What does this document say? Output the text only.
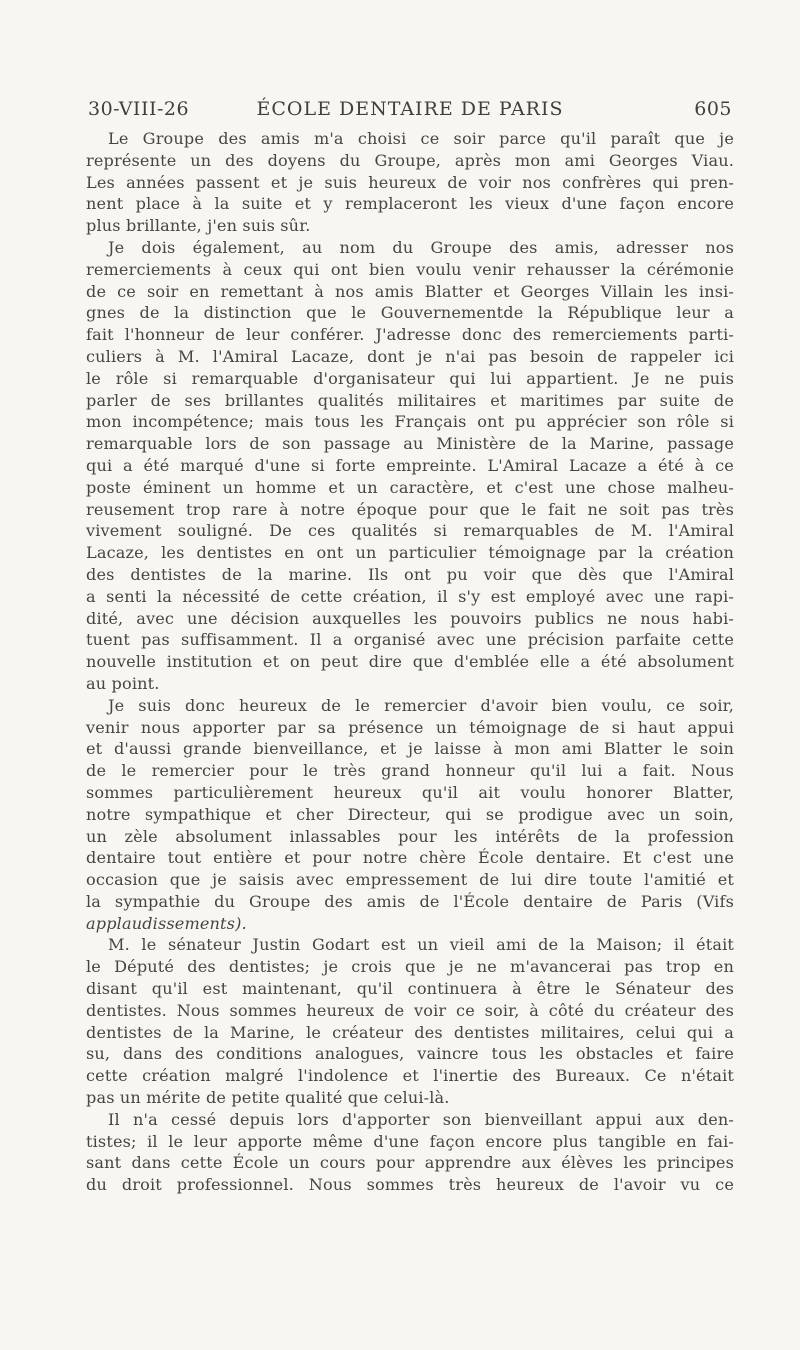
30-VIII-26	ÉCOLE DENTAIRE DE PARIS	605
Le Groupe des amis m'a choisi ce soir parce qu'il paraît que je
représente un des doyens du Groupe, après mon ami Georges Viau.
Les années passent et je suis heureux de voir nos confrères qui pren-
nent place à la suite et y remplaceront les vieux d'une façon encore
plus brillante, j'en suis sûr.
Je dois également, au nom du Groupe des amis, adresser nos
remerciements à ceux qui ont bien voulu venir rehausser la cérémonie
de ce soir en remettant à nos amis Blatter et Georges Villain les insi-
gnes de la distinction que le Gouvernementde la République leur a
fait l'honneur de leur conférer. J'adresse donc des remerciements parti-
culiers à M. l'Amiral Lacaze, dont je n'ai pas besoin de rappeler ici
le rôle si remarquable d'organisateur qui lui appartient. Je ne puis
parler de ses brillantes qualités militaires et maritimes par suite de
mon incompétence; mais tous les Français ont pu apprécier son rôle si
remarquable lors de son passage au Ministère de la Marine, passage
qui a été marqué d'une si forte empreinte. L'Amiral Lacaze a été à ce
poste éminent un homme et un caractère, et c'est une chose malheu-
reusement trop rare à notre époque pour que le fait ne soit pas très
vivement souligné. De ces qualités si remarquables de M. l'Amiral
Lacaze, les dentistes en ont un particulier témoignage par la création
des dentistes de la marine. Ils ont pu voir que dès que l'Amiral
a senti la nécessité de cette création, il s'y est employé avec une rapi-
dité, avec une décision auxquelles les pouvoirs publics ne nous habi-
tuent pas suffisamment. Il a organisé avec une précision parfaite cette
nouvelle institution et on peut dire que d'emblée elle a été absolument
au point.
Je suis donc heureux de le remercier d'avoir bien voulu, ce soir,
venir nous apporter par sa présence un témoignage de si haut appui
et d'aussi grande bienveillance, et je laisse à mon ami Blatter le soin
de le remercier pour le très grand honneur qu'il lui a fait. Nous
sommes particulièrement heureux qu'il ait voulu honorer Blatter,
notre sympathique et cher Directeur, qui se prodigue avec un soin,
un zèle absolument inlassables pour les intérêts de la profession
dentaire tout entière et pour notre chère École dentaire. Et c'est une
occasion que je saisis avec empressement de lui dire toute l'amitié et
la sympathie du Groupe des amis de l'École dentaire de Paris (Vifs
applaudissements).
M. le sénateur Justin Godart est un vieil ami de la Maison; il était
le Député des dentistes; je crois que je ne m'avancerai pas trop en
disant qu'il est maintenant, qu'il continuera à être le Sénateur des
dentistes. Nous sommes heureux de voir ce soir, à côté du créateur des
dentistes de la Marine, le créateur des dentistes militaires, celui qui a
su, dans des conditions analogues, vaincre tous les obstacles et faire
cette création malgré l'indolence et l'inertie des Bureaux. Ce n'était
pas un mérite de petite qualité que celui-là.
Il n'a cessé depuis lors d'apporter son bienveillant appui aux den-
tistes; il le leur apporte même d'une façon encore plus tangible en fai-
sant dans cette École un cours pour apprendre aux élèves les principes
du droit professionnel. Nous sommes très heureux de l'avoir vu ce
